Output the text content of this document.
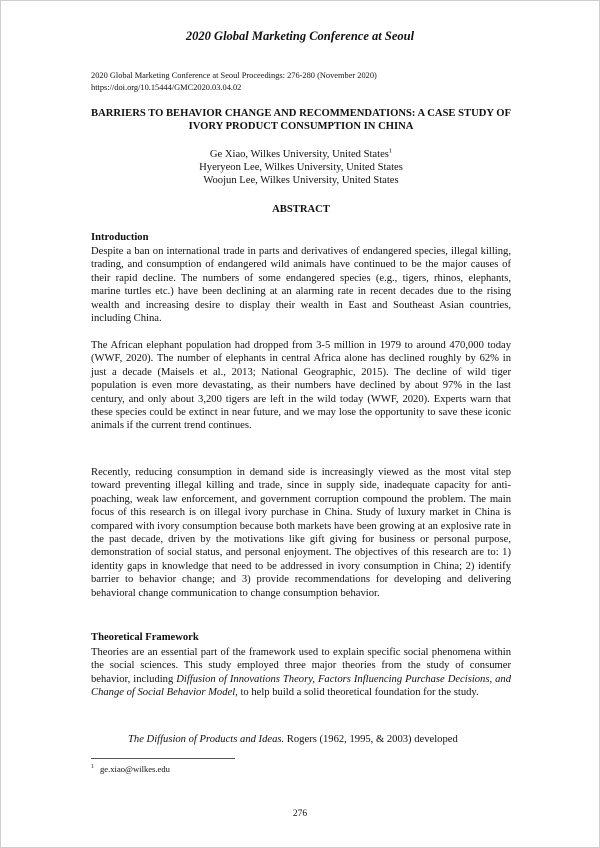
2020 Global Marketing Conference at Seoul
2020 Global Marketing Conference at Seoul Proceedings: 276-280 (November 2020)
https://doi.org/10.15444/GMC2020.03.04.02
BARRIERS TO BEHAVIOR CHANGE AND RECOMMENDATIONS: A CASE STUDY OF IVORY PRODUCT CONSUMPTION IN CHINA
Ge Xiao, Wilkes University, United States$^1$
Hyeryeon Lee, Wilkes University, United States
Woojun Lee, Wilkes University, United States
ABSTRACT
Introduction

Despite a ban on international trade in parts and derivatives of endangered species, illegal killing, trading, and consumption of endangered wild animals have continued to be the major causes of their rapid decline. The numbers of some endangered species (e.g., tigers, rhinos, elephants, marine turtles etc.) have been declining at an alarming rate in recent decades due to the rising wealth and increasing desire to display their wealth in East and Southeast Asian countries, including China.

The African elephant population had dropped from 3-5 million in 1979 to around 470,000 today (WWF, 2020). The number of elephants in central Africa alone has declined roughly by 62% in just a decade (Maisels et al., 2013; National Geographic, 2015). The decline of wild tiger population is even more devastating, as their numbers have declined by about 97% in the last century, and only about 3,200 tigers are left in the wild today (WWF, 2020). Experts warn that these species could be extinct in near future, and we may lose the opportunity to save these iconic animals if the current trend continues.

Recently, reducing consumption in demand side is increasingly viewed as the most vital step toward preventing illegal killing and trade, since in supply side, inadequate capacity for anti-poaching, weak law enforcement, and government corruption compound the problem. The main focus of this research is on illegal ivory purchase in China. Study of luxury market in China is compared with ivory consumption because both markets have been growing at an explosive rate in the past decade, driven by the motivations like gift giving for business or personal purpose, demonstration of social status, and personal enjoyment. The objectives of this research are to: 1) identity gaps in knowledge that need to be addressed in ivory consumption in China; 2) identify barrier to behavior change; and 3) provide recommendations for developing and delivering behavioral change communication to change consumption behavior.

Theoretical Framework

Theories are an essential part of the framework used to explain specific social phenomena within the social sciences. This study employed three major theories from the study of consumer behavior, including Diffusion of Innovations Theory, Factors Influencing Purchase Decisions, and Change of Social Behavior Model, to help build a solid theoretical foundation for the study.

The Diffusion of Products and Ideas. Rogers (1962, 1995, & 2003) developed

$^1$ ge.xiao@wilkes.edu
276
